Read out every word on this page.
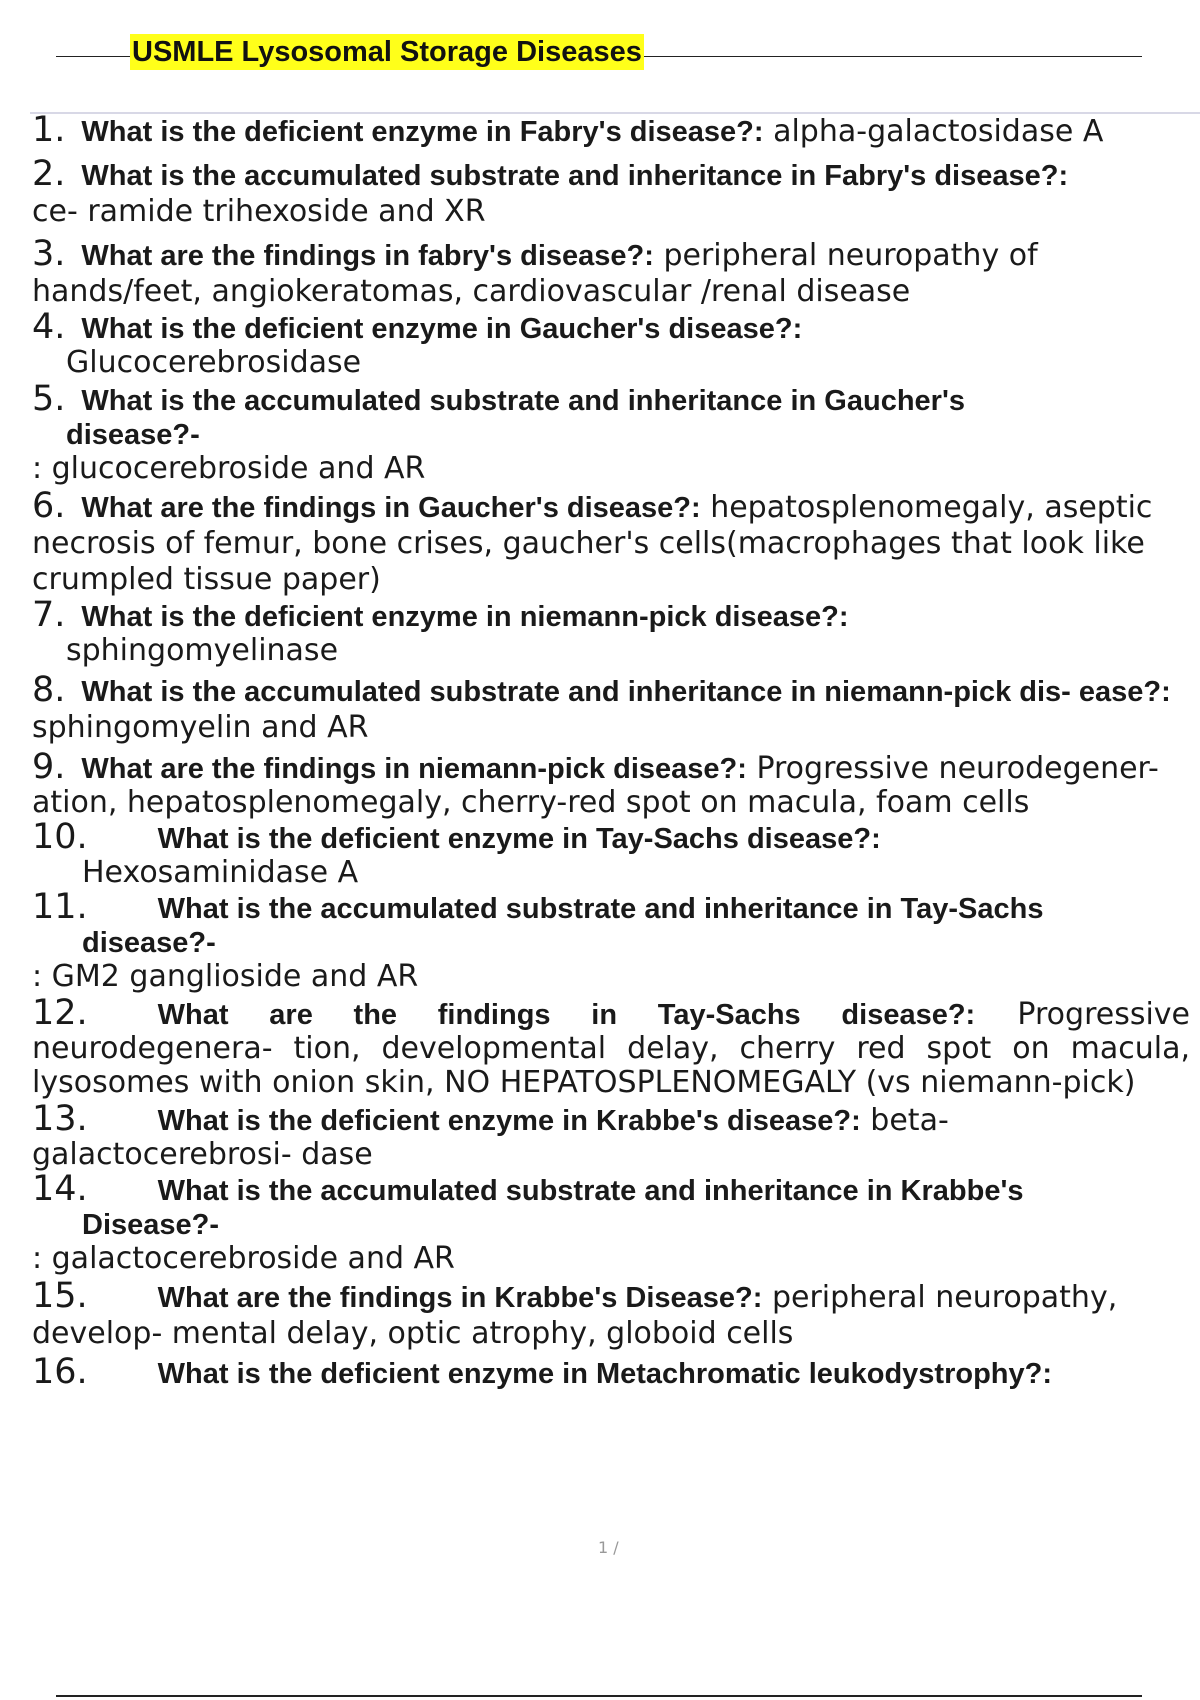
USMLE Lysosomal Storage Diseases
1. What is the deficient enzyme in Fabry's disease?: alpha-galactosidase A
2. What is the accumulated substrate and inheritance in Fabry's disease?:
ce- ramide trihexoside and XR
3. What are the findings in fabry's disease?: peripheral neuropathy of hands/feet, angiokeratomas, cardiovascular /renal disease
4. What is the deficient enzyme in Gaucher's disease?:
Glucocerebrosidase
5. What is the accumulated substrate and inheritance in Gaucher's
disease?-
: glucocerebroside and AR
6. What are the findings in Gaucher's disease?: hepatosplenomegaly, aseptic necrosis of femur, bone crises, gaucher's cells(macrophages that look like crumpled tissue paper)
7. What is the deficient enzyme in niemann-pick disease?:
sphingomyelinase
8. What is the accumulated substrate and inheritance in niemann-pick dis- ease?: sphingomyelin and AR
9. What are the findings in niemann-pick disease?: Progressive neurodegener- ation, hepatosplenomegaly, cherry-red spot on macula, foam cells
10. What is the deficient enzyme in Tay-Sachs disease?:
Hexosaminidase A
11. What is the accumulated substrate and inheritance in Tay-Sachs
disease?-
: GM2 ganglioside and AR
12. What are the findings in Tay-Sachs disease?: Progressive neurodegenera- tion, developmental delay, cherry red spot on macula, lysosomes with onion skin, NO HEPATOSPLENOMEGALY (vs niemann-pick)
13. What is the deficient enzyme in Krabbe's disease?: beta-galactocerebrosi- dase
14. What is the accumulated substrate and inheritance in Krabbe's
Disease?-
: galactocerebroside and AR
15. What are the findings in Krabbe's Disease?: peripheral neuropathy, develop- mental delay, optic atrophy, globoid cells
16. What is the deficient enzyme in Metachromatic leukodystrophy?:
1 /
